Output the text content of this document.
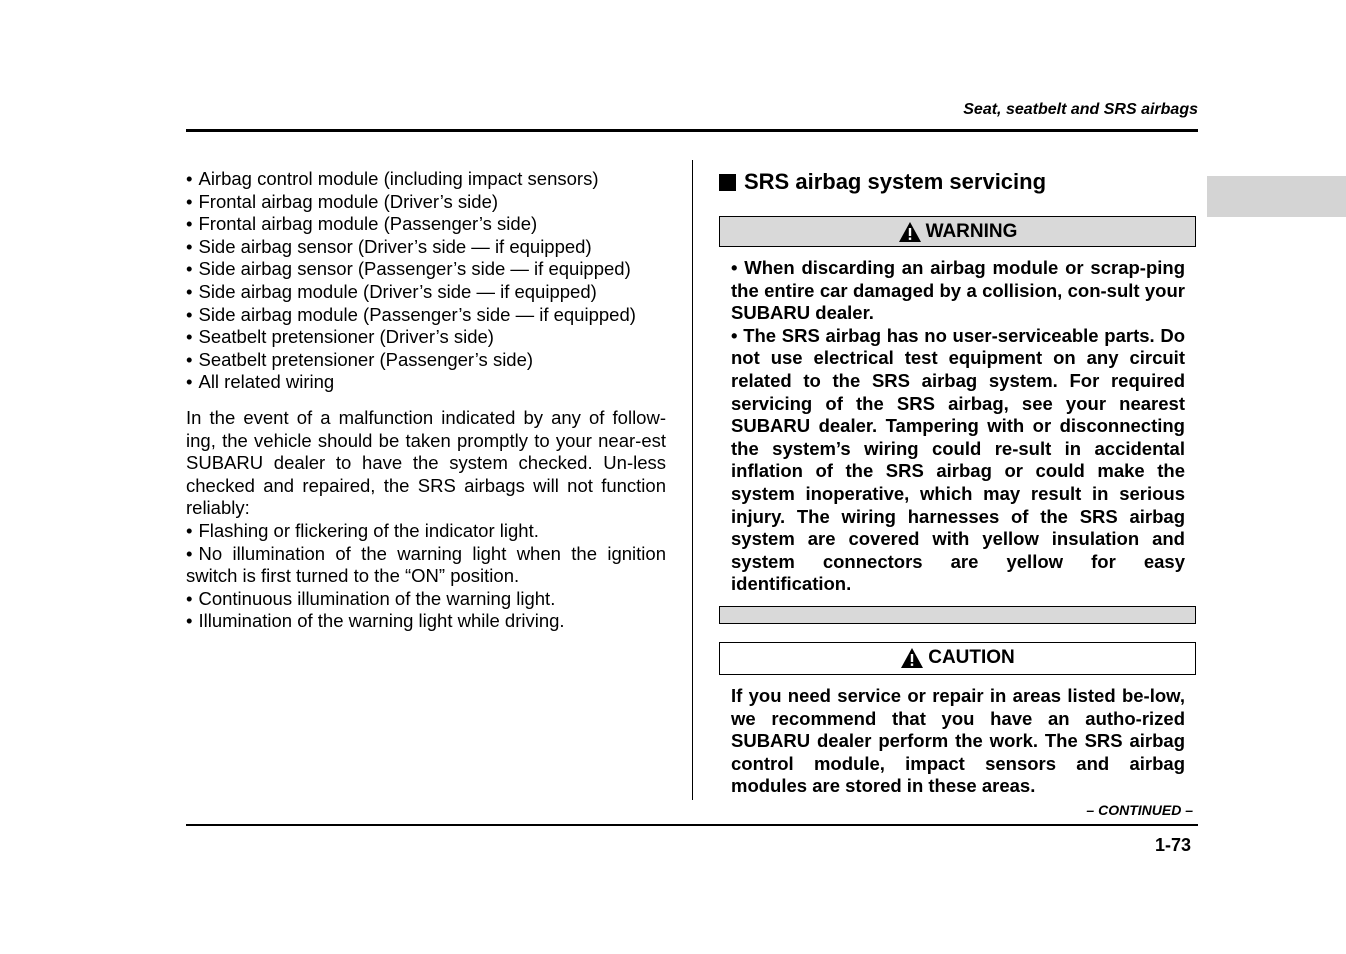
Seat, seatbelt and SRS airbags

• Airbag control module (including impact sensors)
• Frontal airbag module (Driver’s side)
• Frontal airbag module (Passenger’s side)
• Side airbag sensor (Driver’s side — if equipped)
• Side airbag sensor (Passenger’s side — if equipped)
• Side airbag module (Driver’s side — if equipped)
• Side airbag module (Passenger’s side — if equipped)
• Seatbelt pretensioner (Driver’s side)
• Seatbelt pretensioner (Passenger’s side)
• All related wiring

In the event of a malfunction indicated by any of follow-ing, the vehicle should be taken promptly to your near-est SUBARU dealer to have the system checked. Un-less checked and repaired, the SRS airbags will not function reliably:

• Flashing or flickering of the indicator light.
• No illumination of the warning light when the ignition switch is first turned to the “ON” position.
• Continuous illumination of the warning light.
• Illumination of the warning light while driving.
SRS airbag system servicing
WARNING
• When discarding an airbag module or scrap-ping the entire car damaged by a collision, con-sult your SUBARU dealer.
• The SRS airbag has no user-serviceable parts. Do not use electrical test equipment on any circuit related to the SRS airbag system. For required servicing of the SRS airbag, see your nearest SUBARU dealer. Tampering with or disconnecting the system’s wiring could re-sult in accidental inflation of the SRS airbag or could make the system inoperative, which may result in serious injury. The wiring harnesses of the SRS airbag system are covered with yellow insulation and system connectors are yellow for easy identification.
CAUTION

If you need service or repair in areas listed be-low, we recommend that you have an autho-rized SUBARU dealer perform the work. The SRS airbag control module, impact sensors and airbag modules are stored in these areas.

– CONTINUED –
1-73
